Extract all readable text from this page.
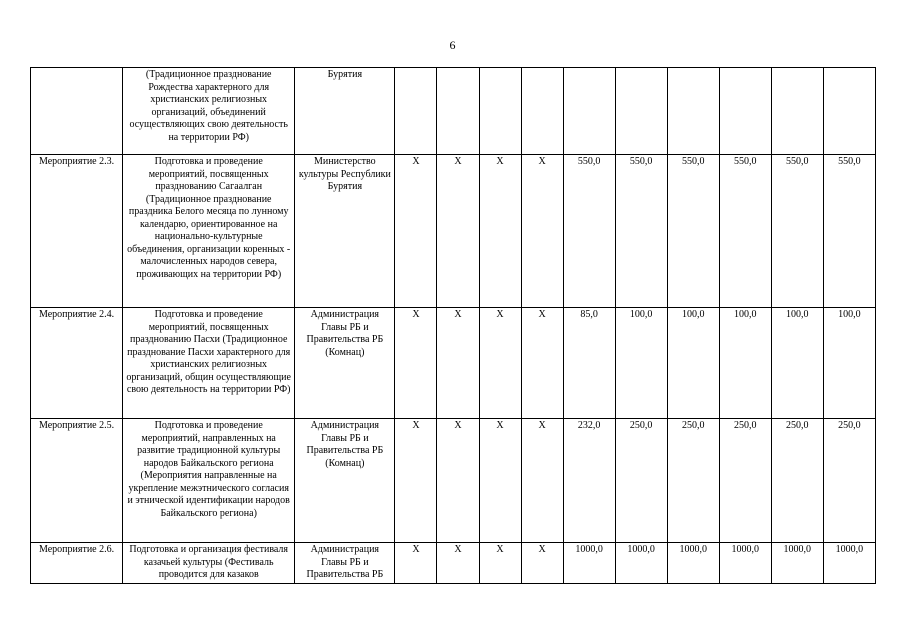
6
	(Традиционное празднование Рождества характерного для христианских религиозных организаций, объединений осуществляющих свою деятельность на территории РФ)	Бурятия										
Мероприятие 2.3.	Подготовка и проведение мероприятий, посвященных празднованию Сагаалган (Традиционное празднование праздника Белого месяца по лунному календарю, ориентированное на национально-культурные объединения, организации коренных - малочисленных народов севера, проживающих на территории РФ)	Министерство культуры Республики Бурятия	X	X	X	X	550,0	550,0	550,0	550,0	550,0	550,0
Мероприятие 2.4.	Подготовка и проведение мероприятий, посвященных празднованию Пасхи (Традиционное празднование Пасхи характерного для христианских религиозных организаций, общин осуществляющие свою деятельность на территории РФ)	Администрация Главы РБ и Правительства РБ (Комнац)	X	X	X	X	85,0	100,0	100,0	100,0	100,0	100,0
Мероприятие 2.5.	Подготовка и проведение мероприятий, направленных на развитие традиционной культуры народов Байкальского региона (Мероприятия направленные на укрепление межэтнического согласия и этнической идентификации народов Байкальского региона)	Администрация Главы РБ и Правительства РБ (Комнац)	X	X	X	X	232,0	250,0	250,0	250,0	250,0	250,0
Мероприятие 2.6.	Подготовка и организация фестиваля казачьей культуры (Фестиваль проводится для казаков	Администрация Главы РБ и Правительства РБ	X	X	X	X	1000,0	1000,0	1000,0	1000,0	1000,0	1000,0
